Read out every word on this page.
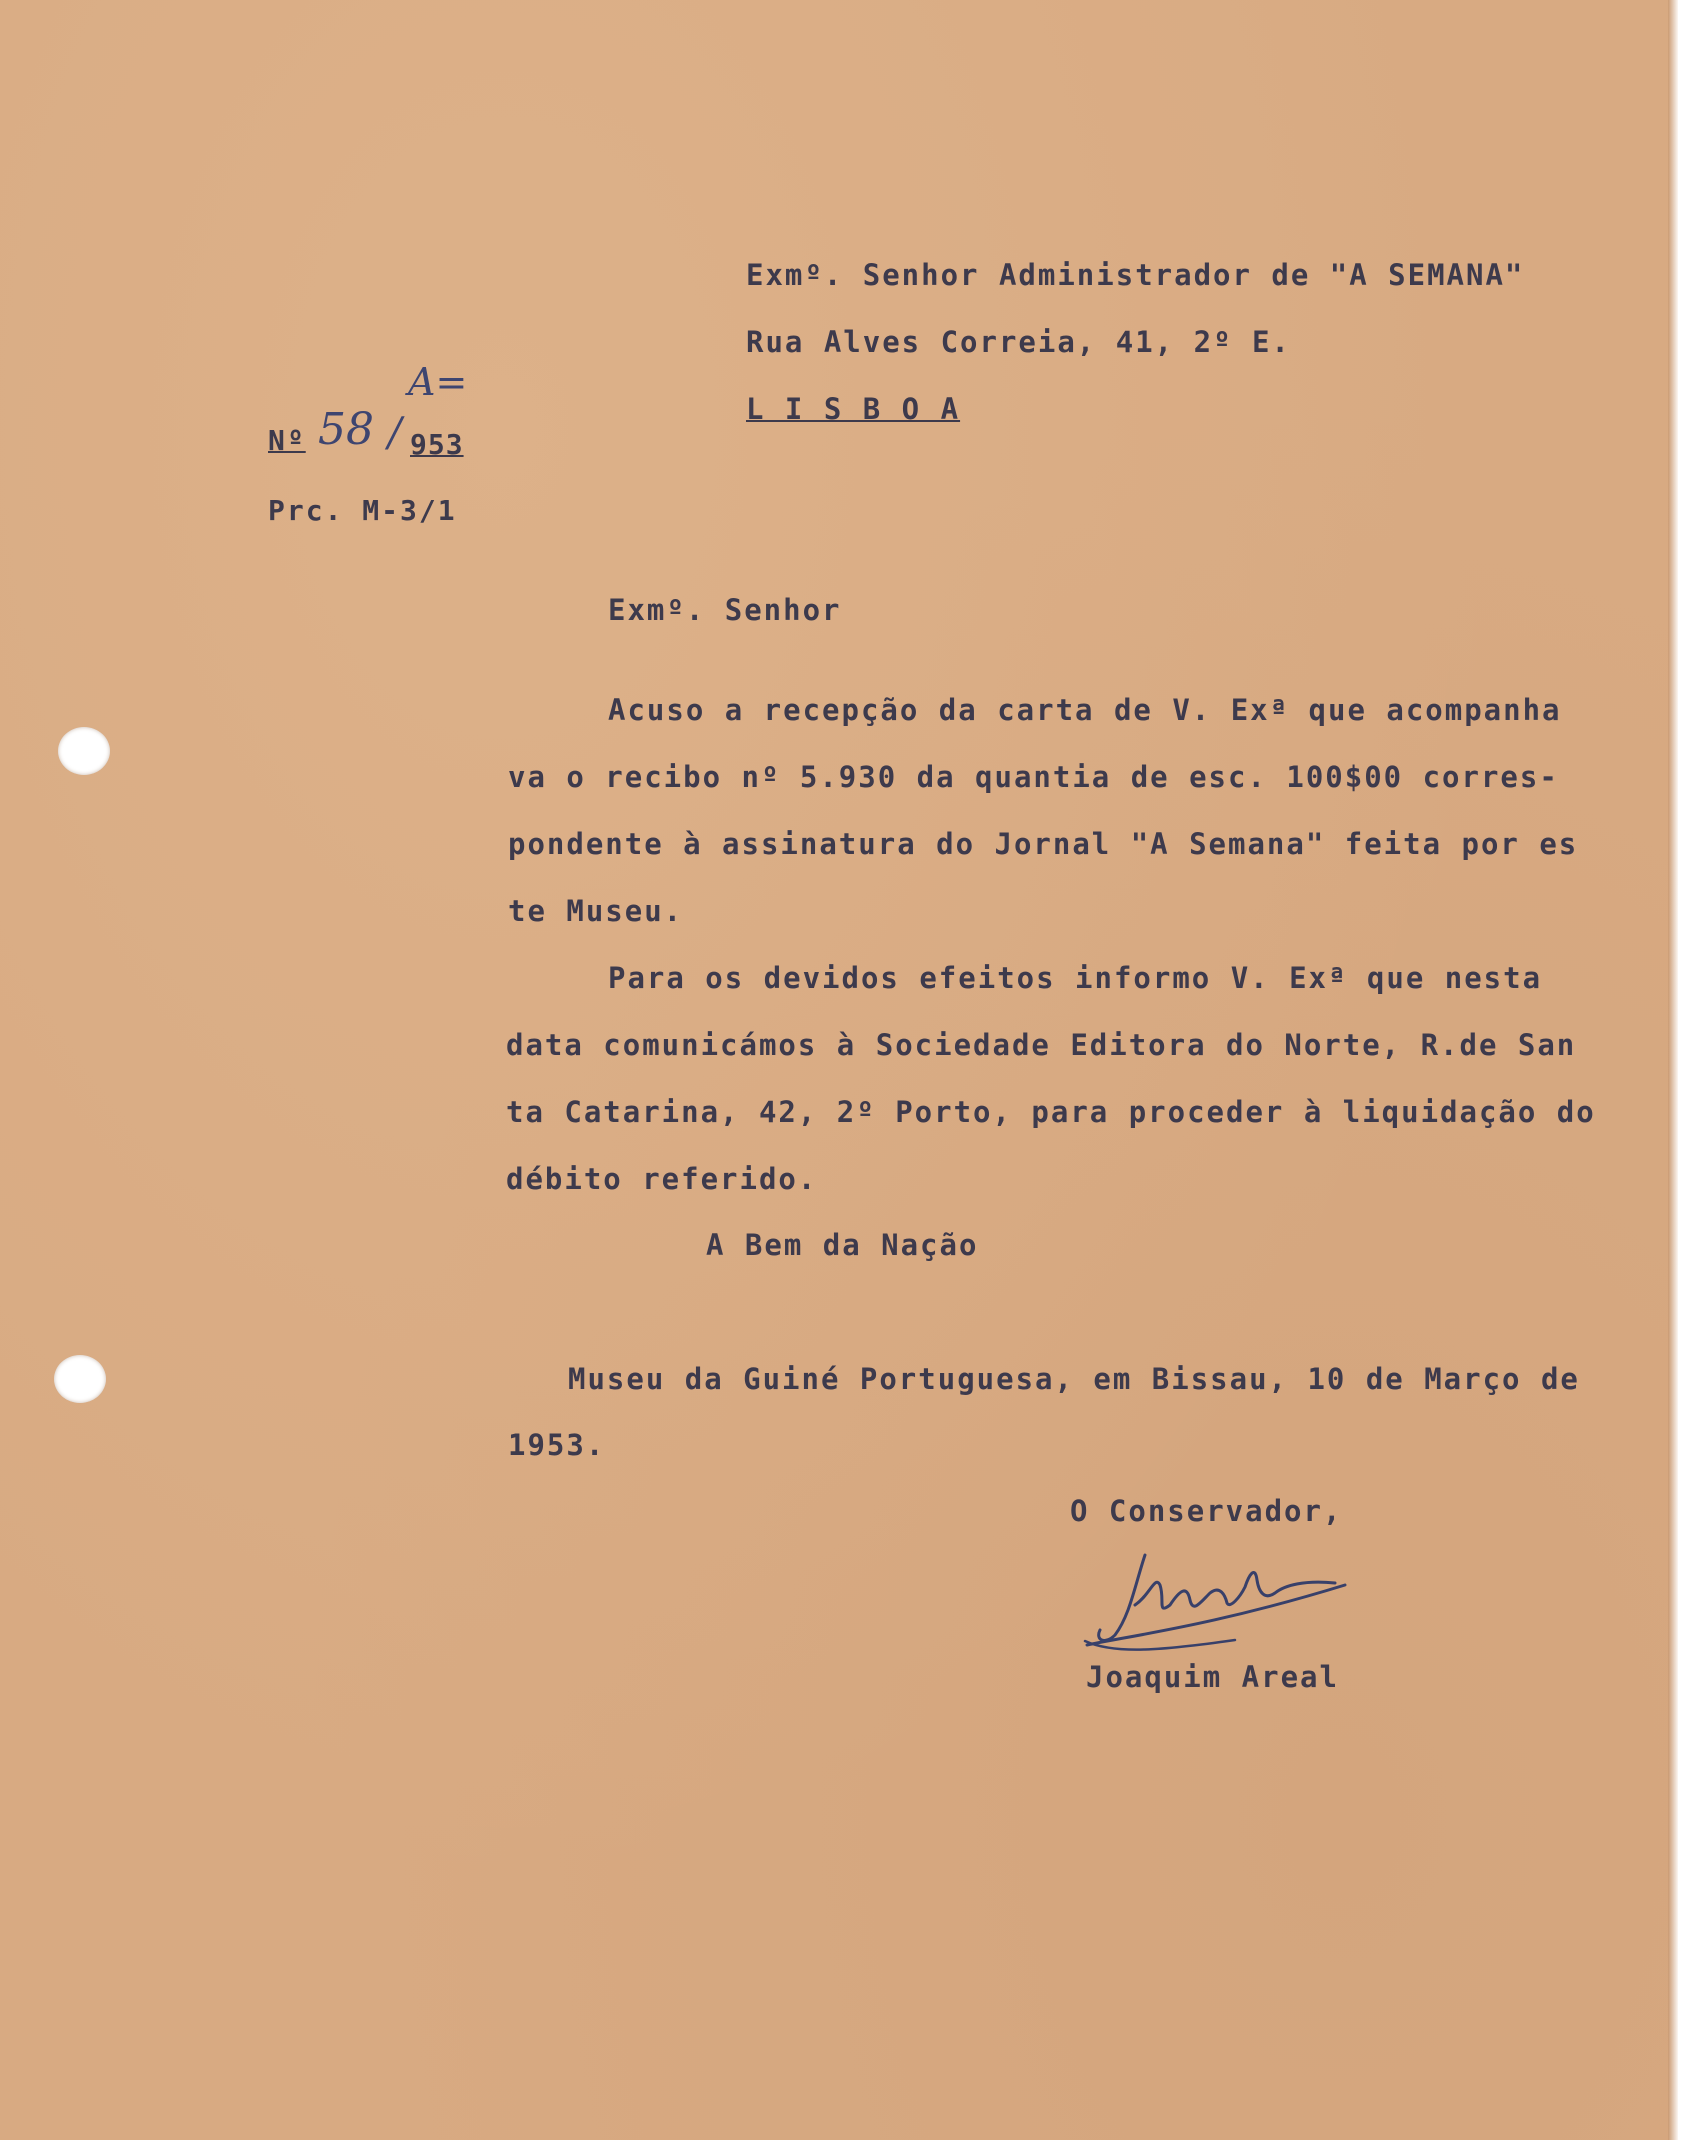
Exmº. Senhor Administrador de "A SEMANA"
Rua Alves Correia, 41, 2º E.
L I S B O A
Nº 58
A=
/ 953
Prc. M-3/1
Exmº. Senhor
Acuso a recepção da carta de V. Exª que acompanha
va o recibo nº 5.930 da quantia de esc. 100$00 corres-
pondente à assinatura do Jornal "A Semana" feita por es
te Museu.
Para os devidos efeitos informo V. Exª que nesta
data comunicámos à Sociedade Editora do Norte, R.de San
ta Catarina, 42, 2º Porto, para proceder à liquidação do
débito referido.
A Bem da Nação
Museu da Guiné Portuguesa, em Bissau, 10 de Março de
1953.
O Conservador,
Joaquim Areal
